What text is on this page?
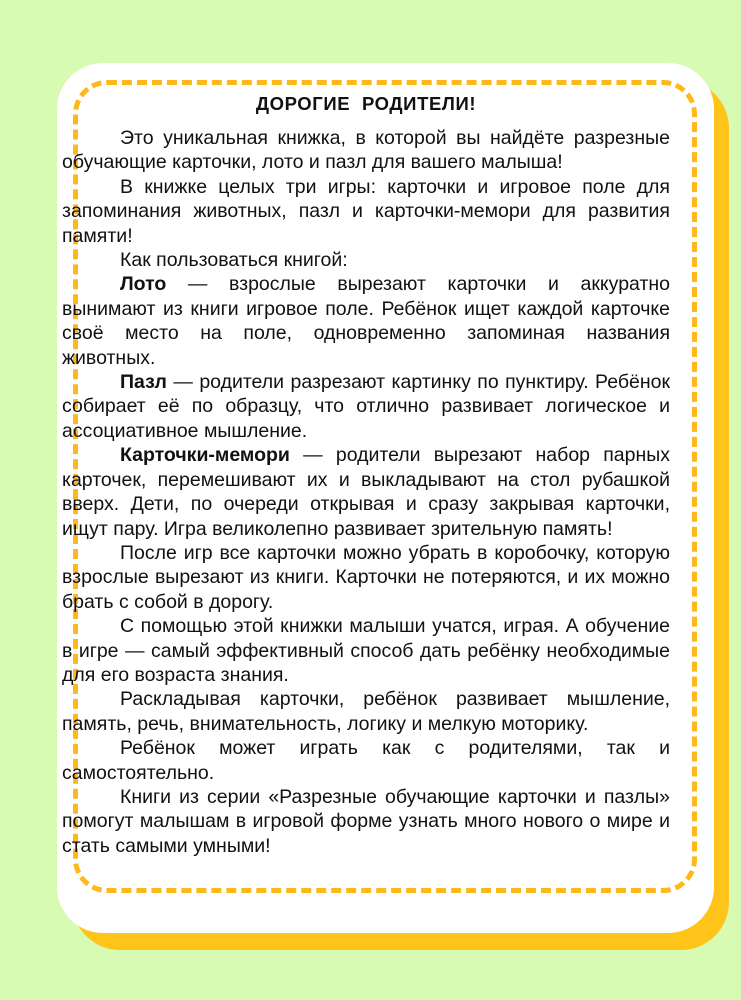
ДОРОГИЕ РОДИТЕЛИ!

Это уникальная книжка, в которой вы найдёте разрезные обучающие карточки, лото и пазл для вашего малыша!

В книжке целых три игры: карточки и игровое поле для запоминания животных, пазл и карточки-мемори для развития памяти!

Как пользоваться книгой:

Лото — взрослые вырезают карточки и аккуратно вынимают из книги игровое поле. Ребёнок ищет каждой карточке своё место на поле, одновременно запоминая названия животных.

Пазл — родители разрезают картинку по пунктиру. Ребёнок собирает её по образцу, что отлично развивает логическое и ассоциативное мышление.

Карточки-мемори — родители вырезают набор парных карточек, перемешивают их и выкладывают на стол рубашкой вверх. Дети, по очереди открывая и сразу закрывая карточки, ищут пару. Игра великолепно развивает зрительную память!

После игр все карточки можно убрать в коробочку, которую взрослые вырезают из книги. Карточки не потеряются, и их можно брать с собой в дорогу.

С помощью этой книжки малыши учатся, играя. А обучение в игре — самый эффективный способ дать ребёнку необходимые для его возраста знания.

Раскладывая карточки, ребёнок развивает мышление, память, речь, внимательность, логику и мелкую моторику.

Ребёнок может играть как с родителями, так и самостоятельно.

Книги из серии «Разрезные обучающие карточки и пазлы» помогут малышам в игровой форме узнать много нового о мире и стать самыми умными!
